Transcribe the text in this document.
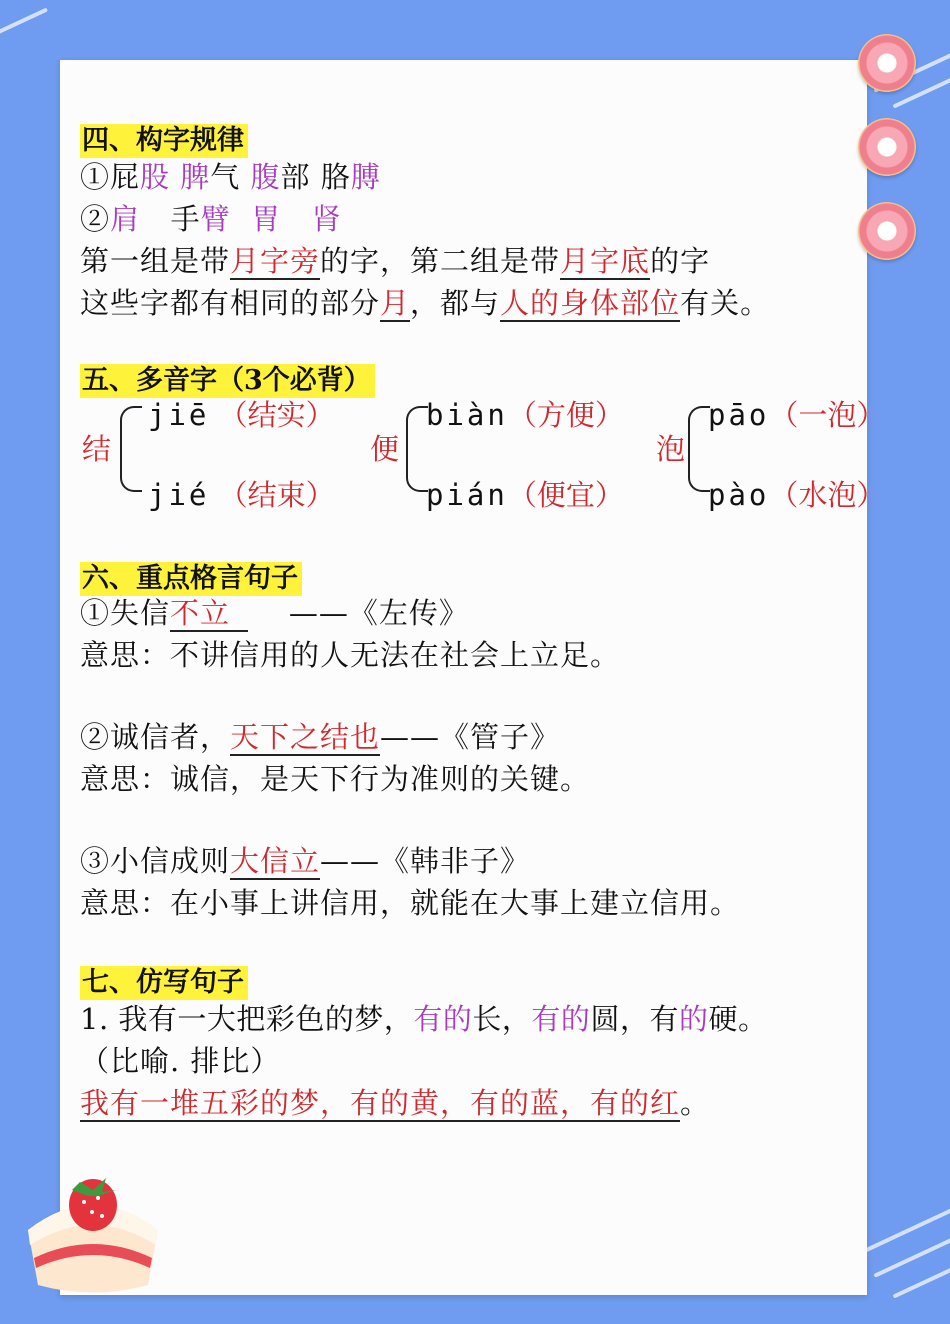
四、构字规律
①屁股 脾气 腹部 胳膊
②肩   手臂 胃 肾
第一组是带月字旁的字，第二组是带月字底的字
这些字都有相同的部分月，都与人的身体部位有关。
五、多音字（3个必背）
结
jiē （结实）
jié （结束）
便
biàn（方便）
pián（便宜）
泡
pāo（一泡）
pào（水泡）
六、重点格言句子
①失信不立    ——《左传》
意思：不讲信用的人无法在社会上立足。
②诚信者，天下之结也——《管子》
意思：诚信，是天下行为准则的关键。
③小信成则大信立——《韩非子》
意思：在小事上讲信用，就能在大事上建立信用。
七、仿写句子
1. 我有一大把彩色的梦，有的长，有的圆，有的硬。
（比喻. 排比）
我有一堆五彩的梦，有的黄，有的蓝，有的红。
